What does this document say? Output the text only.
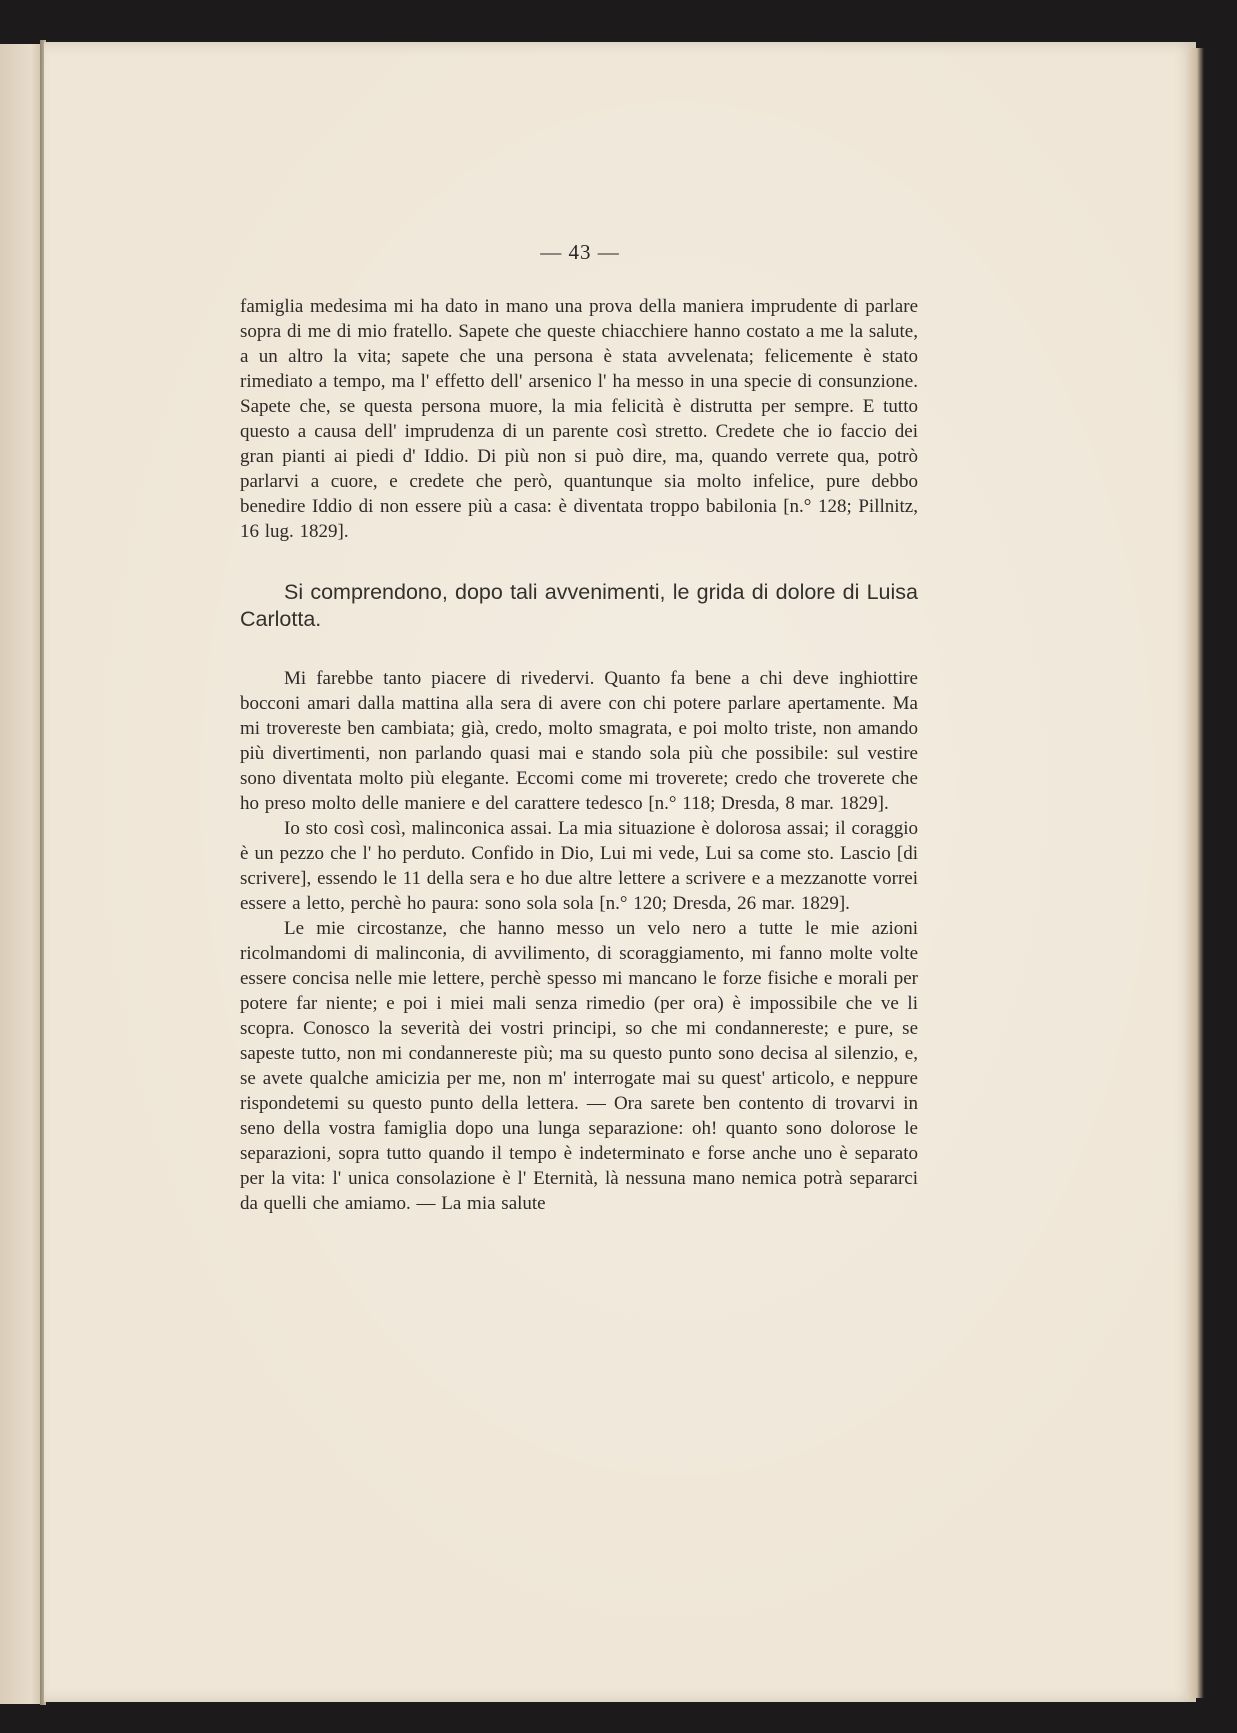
— 43 —

famiglia medesima mi ha dato in mano una prova della maniera imprudente di parlare sopra di me di mio fratello. Sapete che queste chiacchiere hanno costato a me la salute, a un altro la vita; sapete che una persona è stata avvelenata; felicemente è stato rimediato a tempo, ma l' effetto dell' arsenico l' ha messo in una specie di consunzione. Sapete che, se questa persona muore, la mia felicità è distrutta per sempre. E tutto questo a causa dell' imprudenza di un parente così stretto. Credete che io faccio dei gran pianti ai piedi d' Iddio. Di più non si può dire, ma, quando verrete qua, potrò parlarvi a cuore, e credete che però, quantunque sia molto infelice, pure debbo benedire Iddio di non essere più a casa: è diventata troppo babilonia [n.° 128; Pillnitz, 16 lug. 1829].

Si comprendono, dopo tali avvenimenti, le grida di dolore di Luisa Carlotta.

Mi farebbe tanto piacere di rivedervi. Quanto fa bene a chi deve inghiottire bocconi amari dalla mattina alla sera di avere con chi potere parlare apertamente. Ma mi trovereste ben cambiata; già, credo, molto smagrata, e poi molto triste, non amando più divertimenti, non parlando quasi mai e stando sola più che possibile: sul vestire sono diventata molto più elegante. Eccomi come mi troverete; credo che troverete che ho preso molto delle maniere e del carattere tedesco [n.° 118; Dresda, 8 mar. 1829].

Io sto così così, malinconica assai. La mia situazione è dolorosa assai; il coraggio è un pezzo che l' ho perduto. Confido in Dio, Lui mi vede, Lui sa come sto. Lascio [di scrivere], essendo le 11 della sera e ho due altre lettere a scrivere e a mezzanotte vorrei essere a letto, perchè ho paura: sono sola sola [n.° 120; Dresda, 26 mar. 1829].

Le mie circostanze, che hanno messo un velo nero a tutte le mie azioni ricolmandomi di malinconia, di avvilimento, di scoraggiamento, mi fanno molte volte essere concisa nelle mie lettere, perchè spesso mi mancano le forze fisiche e morali per potere far niente; e poi i miei mali senza rimedio (per ora) è impossibile che ve li scopra. Conosco la severità dei vostri principi, so che mi condannereste; e pure, se sapeste tutto, non mi condannereste più; ma su questo punto sono decisa al silenzio, e, se avete qualche amicizia per me, non m' interrogate mai su quest' articolo, e neppure rispondetemi su questo punto della lettera. — Ora sarete ben contento di trovarvi in seno della vostra famiglia dopo una lunga separazione: oh! quanto sono dolorose le separazioni, sopra tutto quando il tempo è indeterminato e forse anche uno è separato per la vita: l' unica consolazione è l' Eternità, là nessuna mano nemica potrà separarci da quelli che amiamo. — La mia salute
